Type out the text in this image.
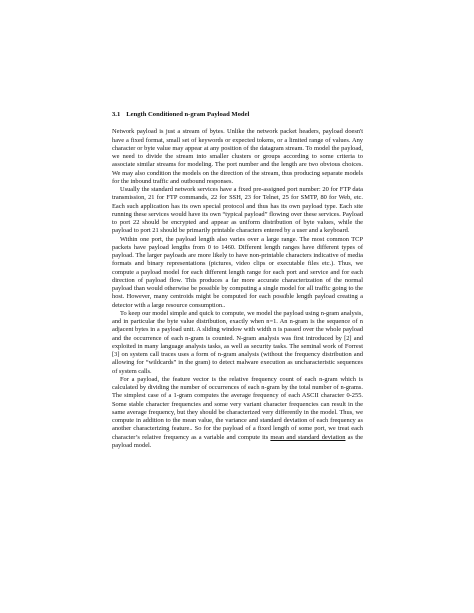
3.1 Length Conditioned n-gram Payload Model

Network payload is just a stream of bytes. Unlike the network packet headers, payload doesn't have a fixed format, small set of keywords or expected tokens, or a limited range of values. Any character or byte value may appear at any position of the datagram stream. To model the payload, we need to divide the stream into smaller clusters or groups according to some criteria to associate similar streams for modeling. The port number and the length are two obvious choices. We may also condition the models on the direction of the stream, thus producing separate models for the inbound traffic and outbound responses.

Usually the standard network services have a fixed pre-assigned port number: 20 for FTP data transmission, 21 for FTP commands, 22 for SSH, 23 for Telnet, 25 for SMTP, 80 for Web, etc. Each such application has its own special protocol and thus has its own payload type. Each site running these services would have its own “typical payload” flowing over these services. Payload to port 22 should be encrypted and appear as uniform distribution of byte values, while the payload to port 21 should be primarily printable characters entered by a user and a keyboard.

Within one port, the payload length also varies over a large range. The most common TCP packets have payload lengths from 0 to 1460. Different length ranges have different types of payload. The larger payloads are more likely to have non-printable characters indicative of media formats and binary representations (pictures, video clips or executable files etc.). Thus, we compute a payload model for each different length range for each port and service and for each direction of payload flow. This produces a far more accurate characterization of the normal payload than would otherwise be possible by computing a single model for all traffic going to the host. However, many centroids might be computed for each possible length payload creating a detector with a large resource consumption..

To keep our model simple and quick to compute, we model the payload using n-gram analysis, and in particular the byte value distribution, exactly when n=1. An n-gram is the sequence of n adjacent bytes in a payload unit. A sliding window with width n is passed over the whole payload and the occurrence of each n-gram is counted. N-gram analysis was first introduced by [2] and exploited in many language analysis tasks, as well as security tasks. The seminal work of Forrest [3] on system call traces uses a form of n-gram analysis (without the frequency distribution and allowing for “wildcards” in the gram) to detect malware execution as uncharacteristic sequences of system calls.

For a payload, the feature vector is the relative frequency count of each n-gram which is calculated by dividing the number of occurrences of each n-gram by the total number of n-grams. The simplest case of a 1-gram computes the average frequency of each ASCII character 0-255. Some stable character frequencies and some very variant character frequencies can result in the same average frequency, but they should be characterized very differently in the model. Thus, we compute in addition to the mean value, the variance and standard deviation of each frequency as another characterizing feature.. So for the payload of a fixed length of some port, we treat each character’s relative frequency as a variable and compute its mean and standard deviation as the payload model.
